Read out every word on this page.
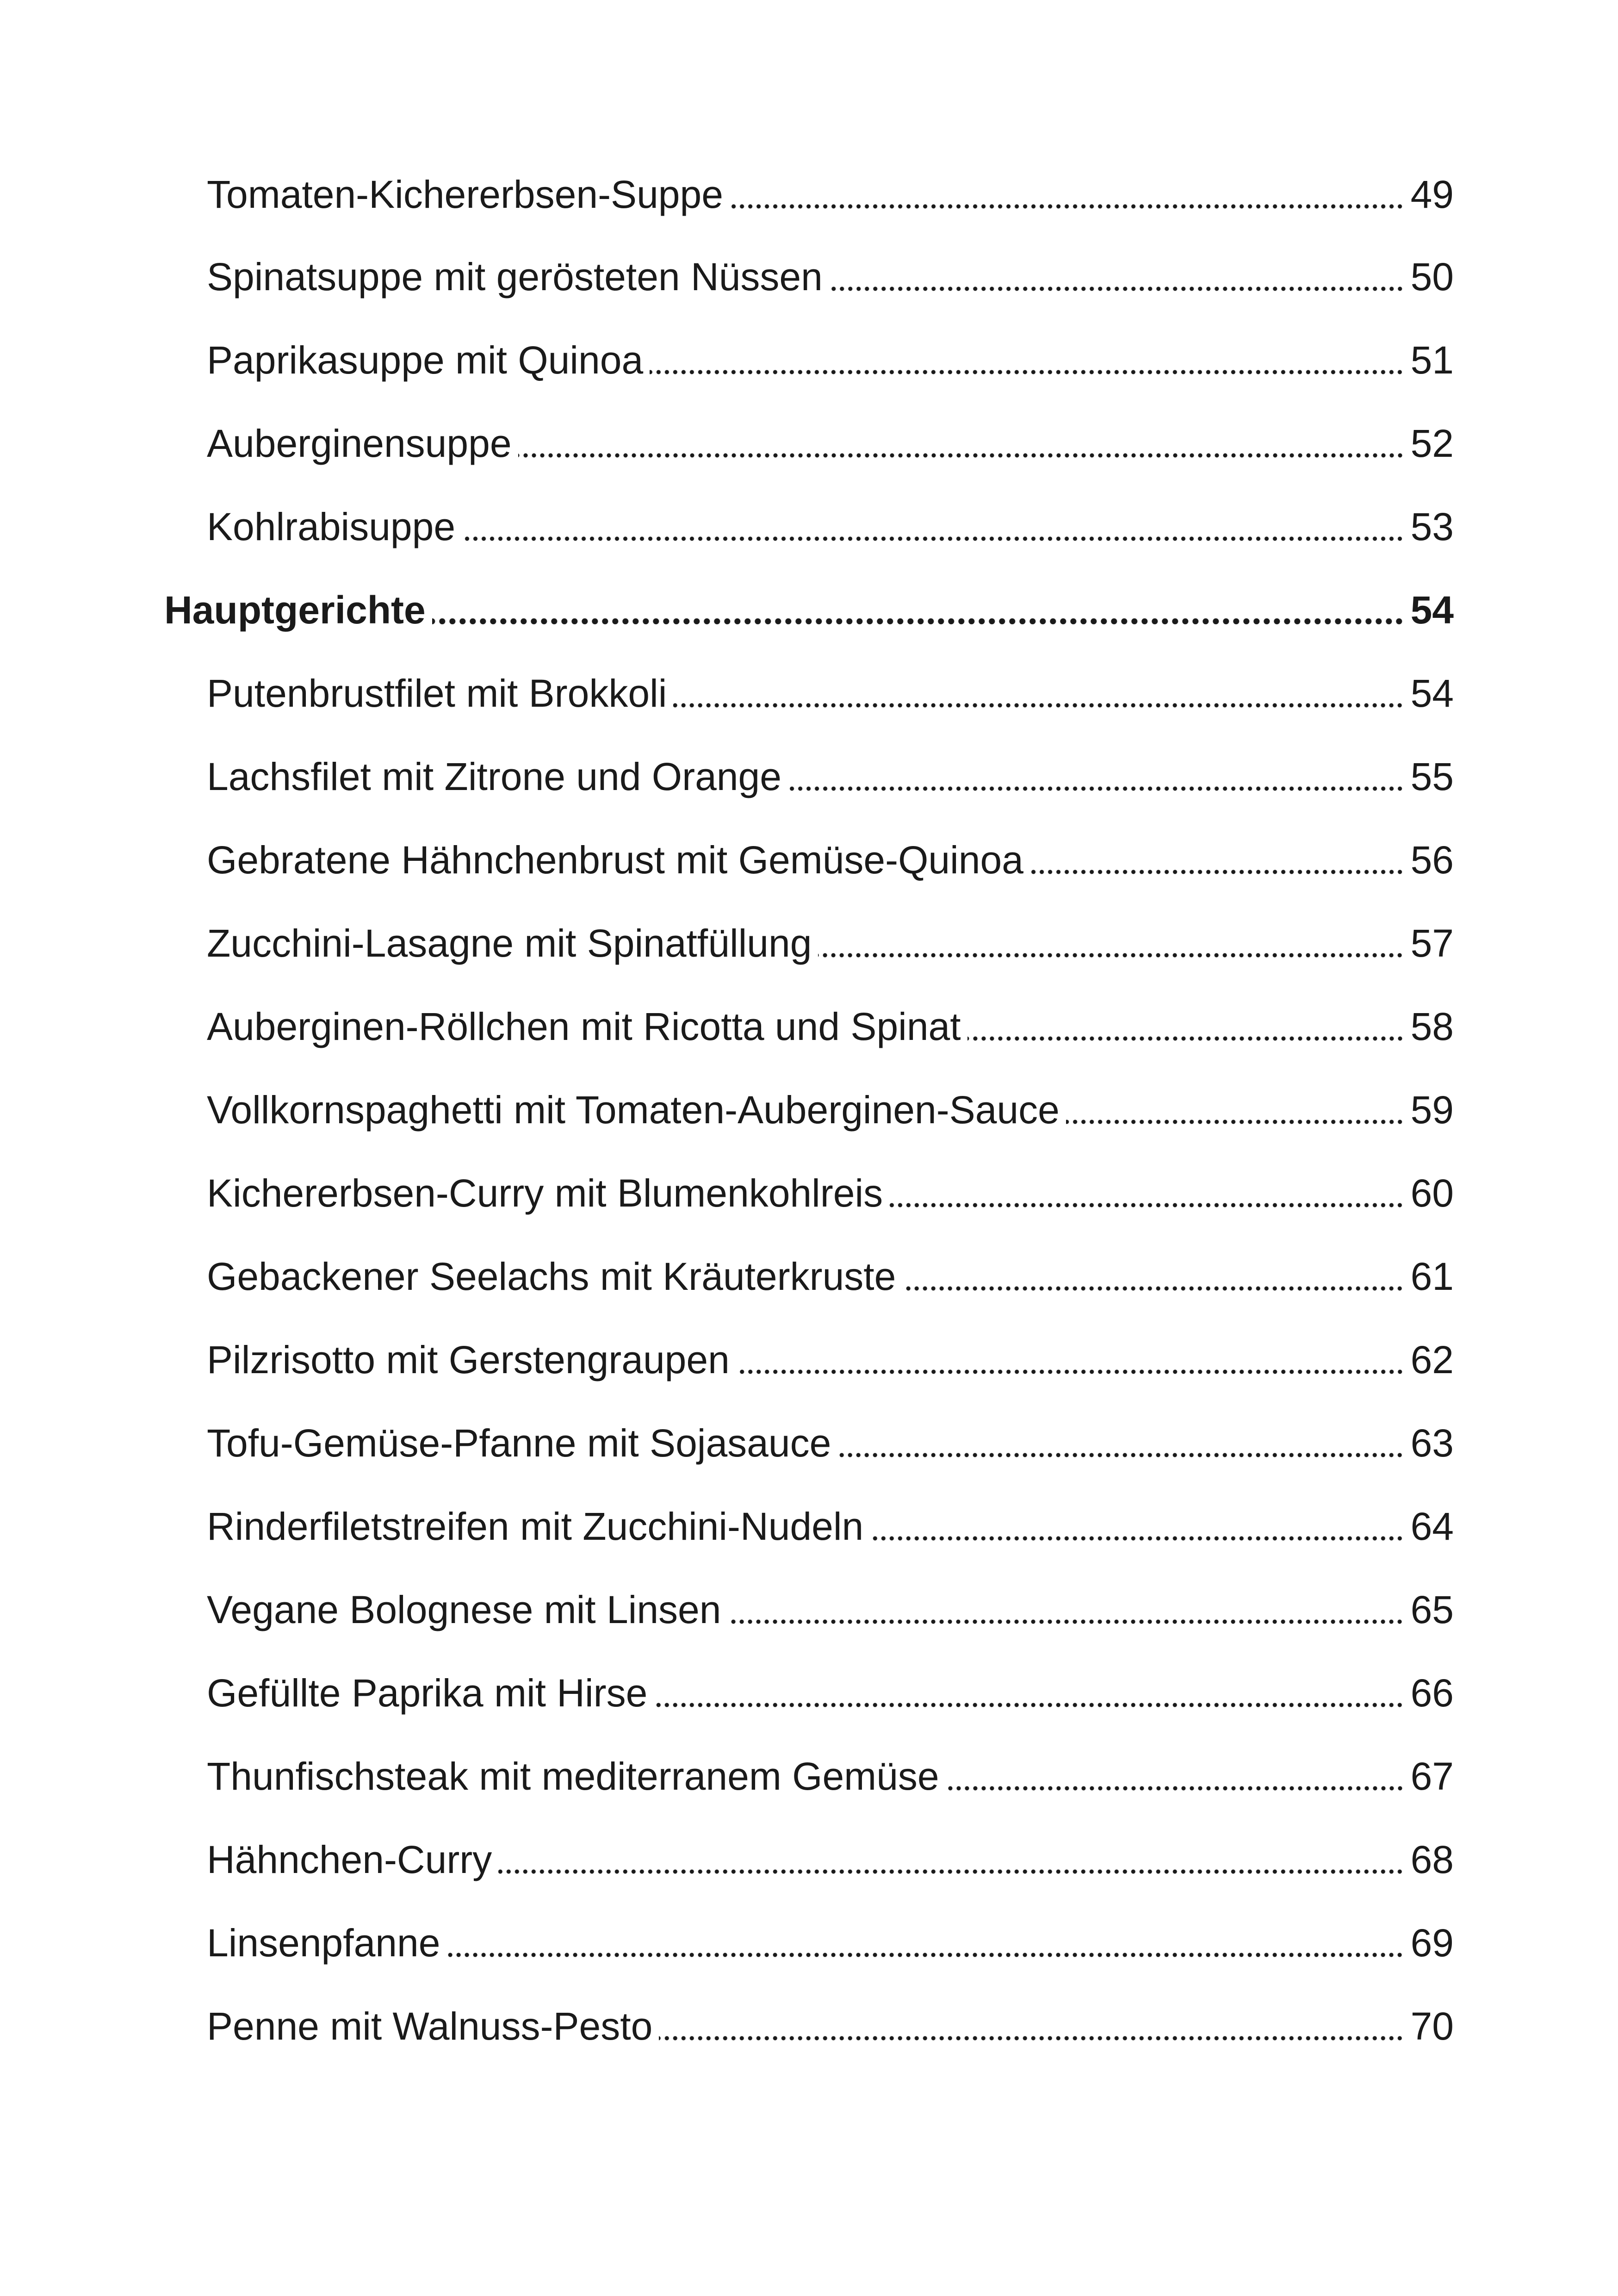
Tomaten-Kichererbsen-Suppe	49
Spinatsuppe mit gerösteten Nüssen	50
Paprikasuppe mit Quinoa	51
Auberginensuppe	52
Kohlrabisuppe	53
Hauptgerichte	54
Putenbrustfilet mit Brokkoli	54
Lachsfilet mit Zitrone und Orange	55
Gebratene Hähnchenbrust mit Gemüse-Quinoa	56
Zucchini-Lasagne mit Spinatfüllung	57
Auberginen-Röllchen mit Ricotta und Spinat	58
Vollkornspaghetti mit Tomaten-Auberginen-Sauce	59
Kichererbsen-Curry mit Blumenkohlreis	60
Gebackener Seelachs mit Kräuterkruste	61
Pilzrisotto mit Gerstengraupen	62
Tofu-Gemüse-Pfanne mit Sojasauce	63
Rinderfiletstreifen mit Zucchini-Nudeln	64
Vegane Bolognese mit Linsen	65
Gefüllte Paprika mit Hirse	66
Thunfischsteak mit mediterranem Gemüse	67
Hähnchen-Curry	68
Linsenpfanne	69
Penne mit Walnuss-Pesto	70
